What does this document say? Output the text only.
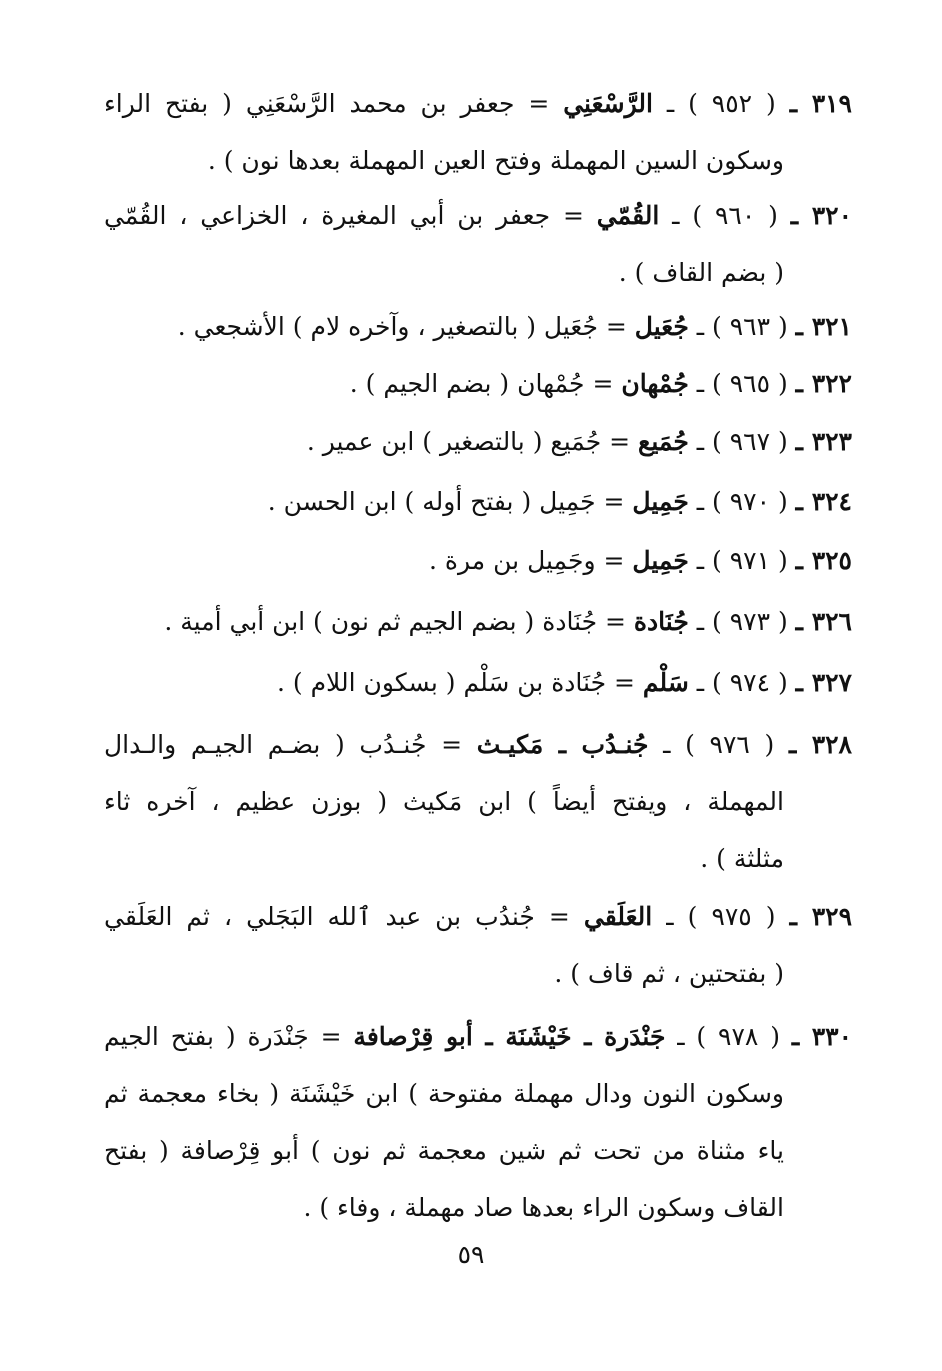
٣١٩ ـ ( ٩٥٢ ) ـ الرَّسْعَنِي = جعفر بن محمد الرَّسْعَنِي ( بفتح الراء
وسكون السين المهملة وفتح العين المهملة بعدها نون ) .
٣٢٠ ـ ( ٩٦٠ ) ـ القُمّي = جعفر بن أبي المغيرة ، الخزاعي ، القُمّي
( بضم القاف ) .
٣٢١ ـ ( ٩٦٣ ) ـ جُعَيل = جُعَيل ( بالتصغير ، وآخره لام ) الأشجعي .
٣٢٢ ـ ( ٩٦٥ ) ـ جُمْهان = جُمْهان ( بضم الجيم ) .
٣٢٣ ـ ( ٩٦٧ ) ـ جُمَيع = جُمَيع ( بالتصغير ) ابن عمير .
٣٢٤ ـ ( ٩٧٠ ) ـ جَمِيل = جَمِيل ( بفتح أوله ) ابن الحسن .
٣٢٥ ـ ( ٩٧١ ) ـ جَمِيل = وجَمِيل بن مرة .
٣٢٦ ـ ( ٩٧٣ ) ـ جُنَادة = جُنَادة ( بضم الجيم ثم نون ) ابن أبي أمية .
٣٢٧ ـ ( ٩٧٤ ) ـ سَلْم = جُنَادة بن سَلْم ( بسكون اللام ) .
٣٢٨ ـ ( ٩٧٦ ) ـ جُنـدُب ـ مَكيـث = جُنـدُب ( بضـم الجيـم والـدال
المهملة ، ويفتح أيضاً ) ابن مَكيث ( بوزن عظيم ، آخره ثاء
مثلثة ) .
٣٢٩ ـ ( ٩٧٥ ) ـ العَلَقي = جُندُب بن عبد ٱلله البَجَلي ، ثم العَلَقي
( بفتحتين ، ثم قاف ) .
٣٣٠ ـ ( ٩٧٨ ) ـ جَنْدَرة ـ خَيْشَنَة ـ أبو قِرْصافة = جَنْدَرة ( بفتح الجيم
وسكون النون ودال مهملة مفتوحة ) ابن خَيْشَنَة ( بخاء معجمة ثم
ياء مثناة من تحت ثم شين معجمة ثم نون ) أبو قِرْصافة ( بفتح
القاف وسكون الراء بعدها صاد مهملة ، وفاء ) .
٥٩
